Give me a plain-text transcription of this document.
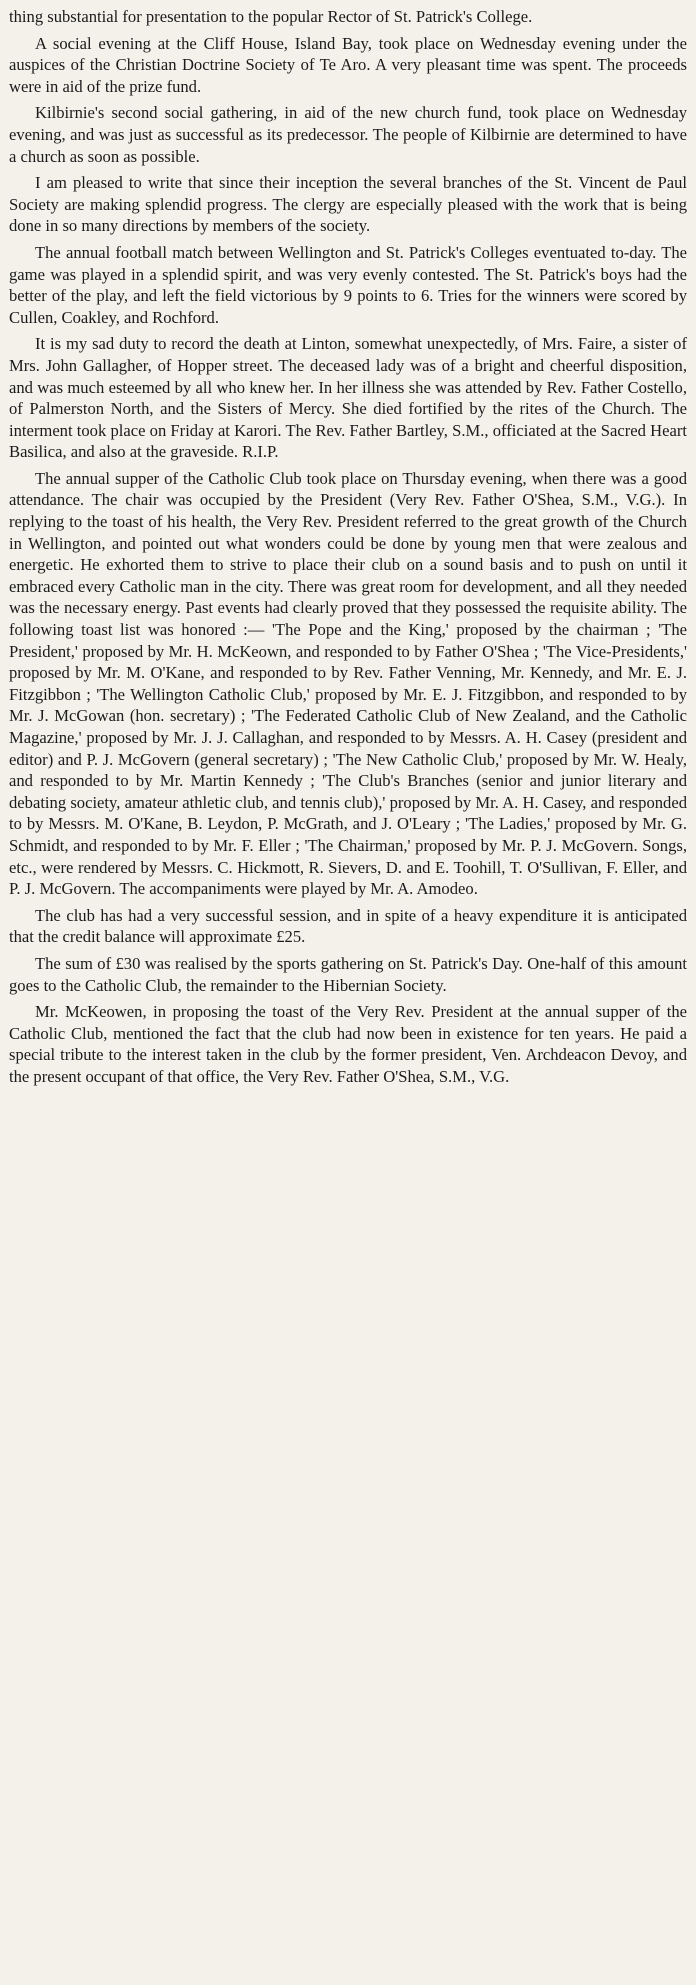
thing substantial for presentation to the popular Rector of St. Patrick's College.

A social evening at the Cliff House, Island Bay, took place on Wednesday evening under the auspices of the Christian Doctrine Society of Te Aro. A very pleasant time was spent. The proceeds were in aid of the prize fund.

Kilbirnie's second social gathering, in aid of the new church fund, took place on Wednesday evening, and was just as successful as its predecessor. The people of Kilbirnie are determined to have a church as soon as possible.

I am pleased to write that since their inception the several branches of the St. Vincent de Paul Society are making splendid progress. The clergy are especially pleased with the work that is being done in so many directions by members of the society.

The annual football match between Wellington and St. Patrick's Colleges eventuated to-day. The game was played in a splendid spirit, and was very evenly contested. The St. Patrick's boys had the better of the play, and left the field victorious by 9 points to 6. Tries for the winners were scored by Cullen, Coakley, and Rochford.

It is my sad duty to record the death at Linton, somewhat unexpectedly, of Mrs. Faire, a sister of Mrs. John Gallagher, of Hopper street. The deceased lady was of a bright and cheerful disposition, and was much esteemed by all who knew her. In her illness she was attended by Rev. Father Costello, of Palmerston North, and the Sisters of Mercy. She died fortified by the rites of the Church. The interment took place on Friday at Karori. The Rev. Father Bartley, S.M., officiated at the Sacred Heart Basilica, and also at the graveside. R.I.P.

The annual supper of the Catholic Club took place on Thursday evening, when there was a good attendance. The chair was occupied by the President (Very Rev. Father O'Shea, S.M., V.G.). In replying to the toast of his health, the Very Rev. President referred to the great growth of the Church in Wellington, and pointed out what wonders could be done by young men that were zealous and energetic. He exhorted them to strive to place their club on a sound basis and to push on until it embraced every Catholic man in the city. There was great room for development, and all they needed was the necessary energy. Past events had clearly proved that they possessed the requisite ability. The following toast list was honored :— 'The Pope and the King,' proposed by the chairman ; 'The President,' proposed by Mr. H. McKeown, and responded to by Father O'Shea ; 'The Vice-Presidents,' proposed by Mr. M. O'Kane, and responded to by Rev. Father Venning, Mr. Kennedy, and Mr. E. J. Fitzgibbon ; 'The Wellington Catholic Club,' proposed by Mr. E. J. Fitzgibbon, and responded to by Mr. J. McGowan (hon. secretary) ; 'The Federated Catholic Club of New Zealand, and the Catholic Magazine,' proposed by Mr. J. J. Callaghan, and responded to by Messrs. A. H. Casey (president and editor) and P. J. McGovern (general secretary) ; 'The New Catholic Club,' proposed by Mr. W. Healy, and responded to by Mr. Martin Kennedy ; 'The Club's Branches (senior and junior literary and debating society, amateur athletic club, and tennis club),' proposed by Mr. A. H. Casey, and responded to by Messrs. M. O'Kane, B. Leydon, P. McGrath, and J. O'Leary ; 'The Ladies,' proposed by Mr. G. Schmidt, and responded to by Mr. F. Eller ; 'The Chairman,' proposed by Mr. P. J. McGovern. Songs, etc., were rendered by Messrs. C. Hickmott, R. Sievers, D. and E. Toohill, T. O'Sullivan, F. Eller, and P. J. McGovern. The accompaniments were played by Mr. A. Amodeo.

The club has had a very successful session, and in spite of a heavy expenditure it is anticipated that the credit balance will approximate £25.

The sum of £30 was realised by the sports gathering on St. Patrick's Day. One-half of this amount goes to the Catholic Club, the remainder to the Hibernian Society.

Mr. McKeowen, in proposing the toast of the Very Rev. President at the annual supper of the Catholic Club, mentioned the fact that the club had now been in existence for ten years. He paid a special tribute to the interest taken in the club by the former president, Ven. Archdeacon Devoy, and the present occupant of that office, the Very Rev. Father O'Shea, S.M., V.G.
